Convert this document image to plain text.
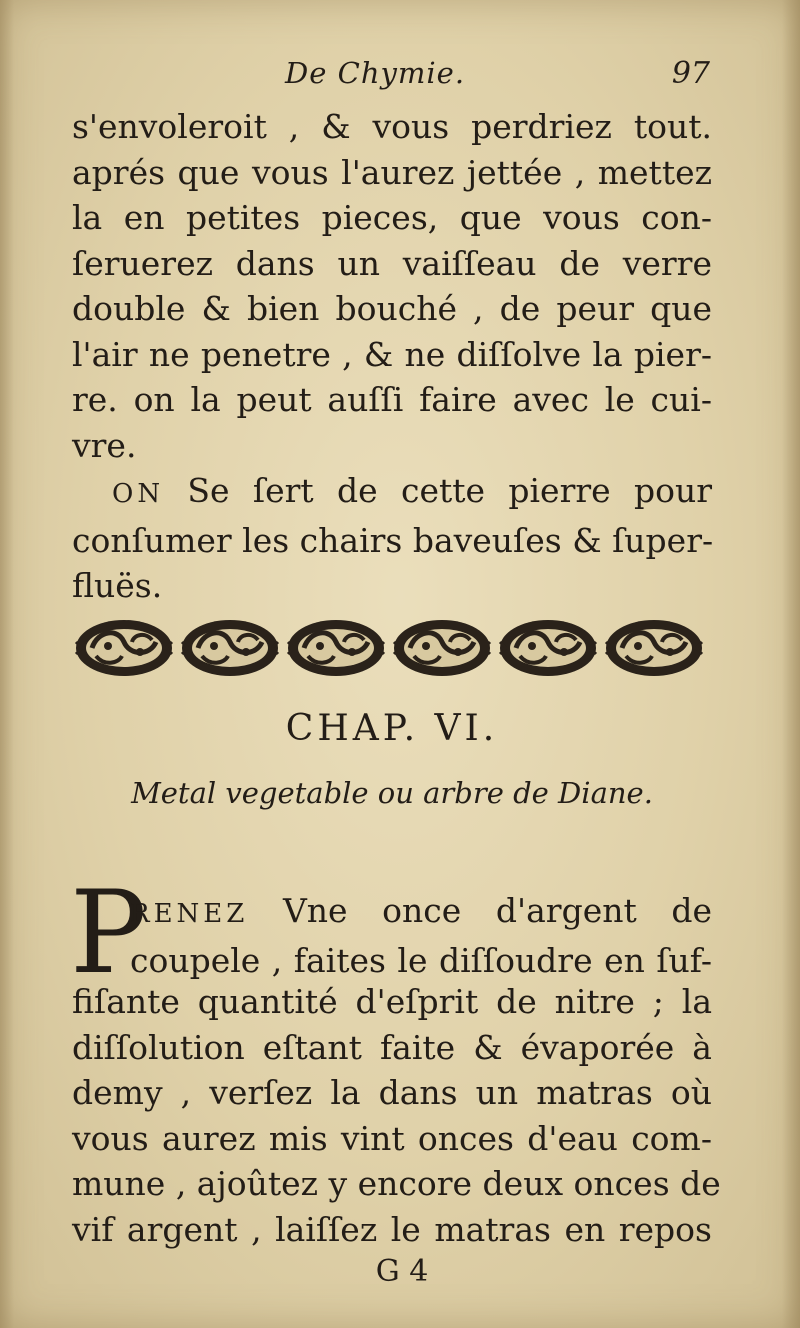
De Chymie.	97
s'envoleroit , & vous perdriez tout.
aprés que vous l'aurez jettée , mettez
la en petites pieces, que vous con-
ſeruerez dans un vaiſſeau de verre
double & bien bouché , de peur que
l'air ne penetre , & ne diſſolve la pier-
re. on la peut auſſi faire avec le cui-
vre.
ON Se ſert de cette pierre pour
conſumer les chairs baveuſes & ſuper-
fluës.
CHAP. VI.
Metal vegetable ou arbre de Diane.
P
RENEZ Vne once d'argent de
coupele , faites le diſſoudre en ſuf-
fiſante quantité d'eſprit de nitre ; la
diſſolution eſtant faite & évaporée à
demy , verſez la dans un matras où
vous aurez mis vint onces d'eau com-
mune , ajoûtez y encore deux onces de
vif argent , laiſſez le matras en repos
G 4
